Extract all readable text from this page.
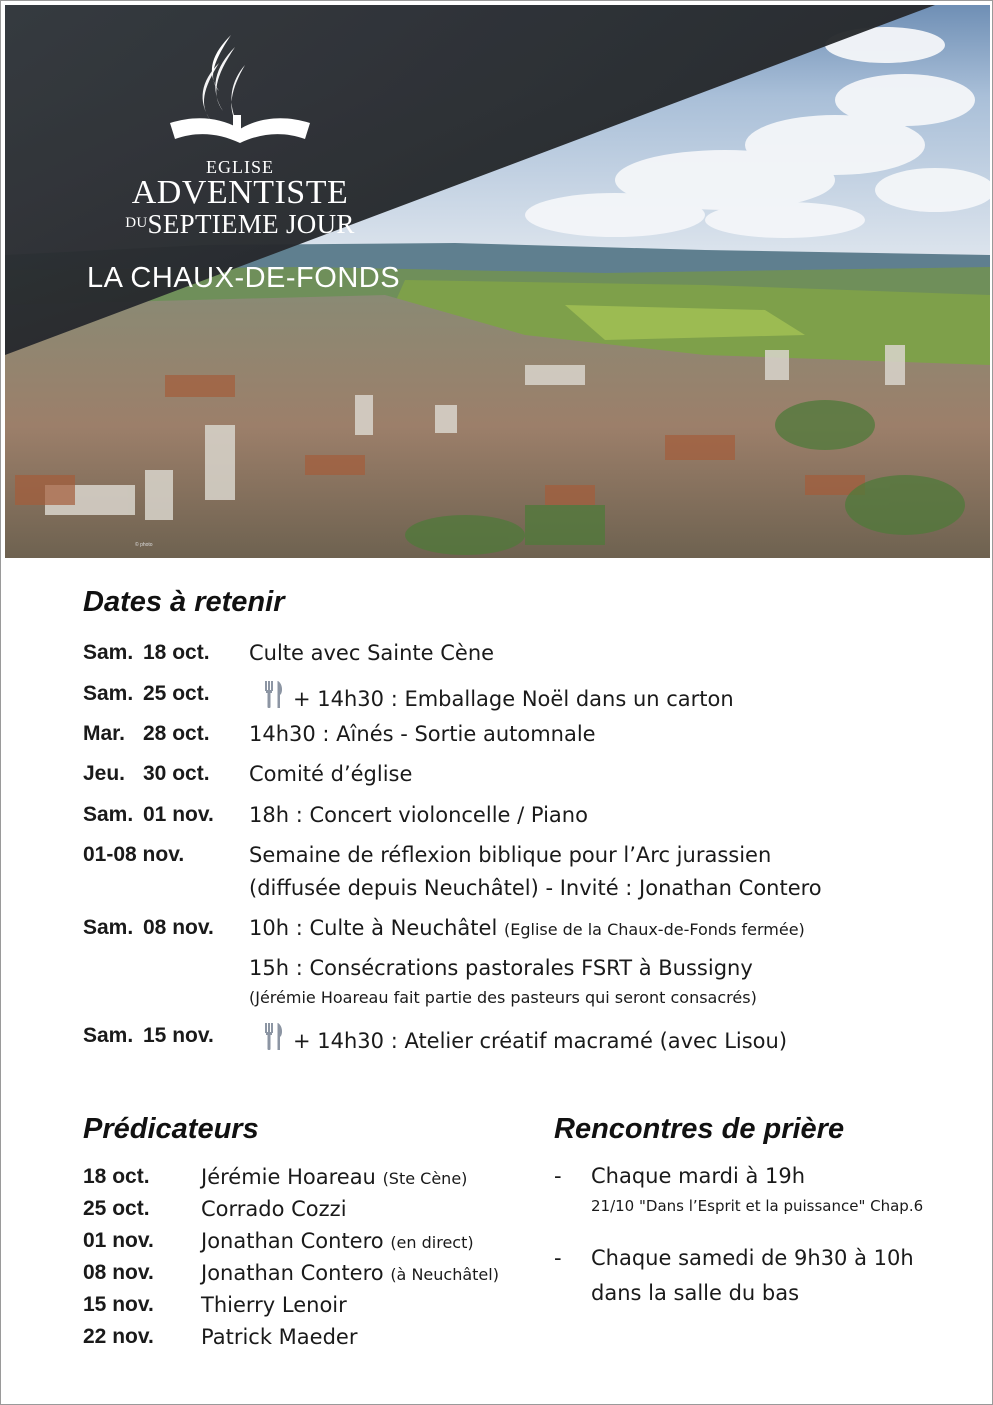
EGLISE
ADVENTISTE
$^{DU}$SEPTIEME JOUR
LA CHAUX-DE-FONDS
© photo
Dates à retenir
Sam. 18 oct. Culte avec Sainte Cène
Sam. 25 oct.	+ 14h30 : Emballage Noël dans un carton
Mar. 28 oct. 14h30 : Aînés - Sortie automnale
Jeu. 30 oct. Comité d’église
Sam. 01 nov. 18h : Concert violoncelle / Piano
01-08 nov.	Semaine de réflexion biblique pour l’Arc jurassien
(diffusée depuis Neuchâtel) - Invité : Jonathan Contero
Sam. 08 nov. 10h : Culte à Neuchâtel (Eglise de la Chaux-de-Fonds fermée)
15h : Consécrations pastorales FSRT à Bussigny
(Jérémie Hoareau fait partie des pasteurs qui seront consacrés)
Sam. 15 nov.	+ 14h30 : Atelier créatif macramé (avec Lisou)
Prédicateurs
18 oct. Jérémie Hoareau (Ste Cène)
25 oct. Corrado Cozzi
01 nov. Jonathan Contero (en direct)
08 nov. Jonathan Contero (à Neuchâtel)
15 nov. Thierry Lenoir
22 nov. Patrick Maeder
Rencontres de prière
- Chaque mardi à 19h
21/10 "Dans l’Esprit et la puissance" Chap.6
- Chaque samedi de 9h30 à 10h
dans la salle du bas
